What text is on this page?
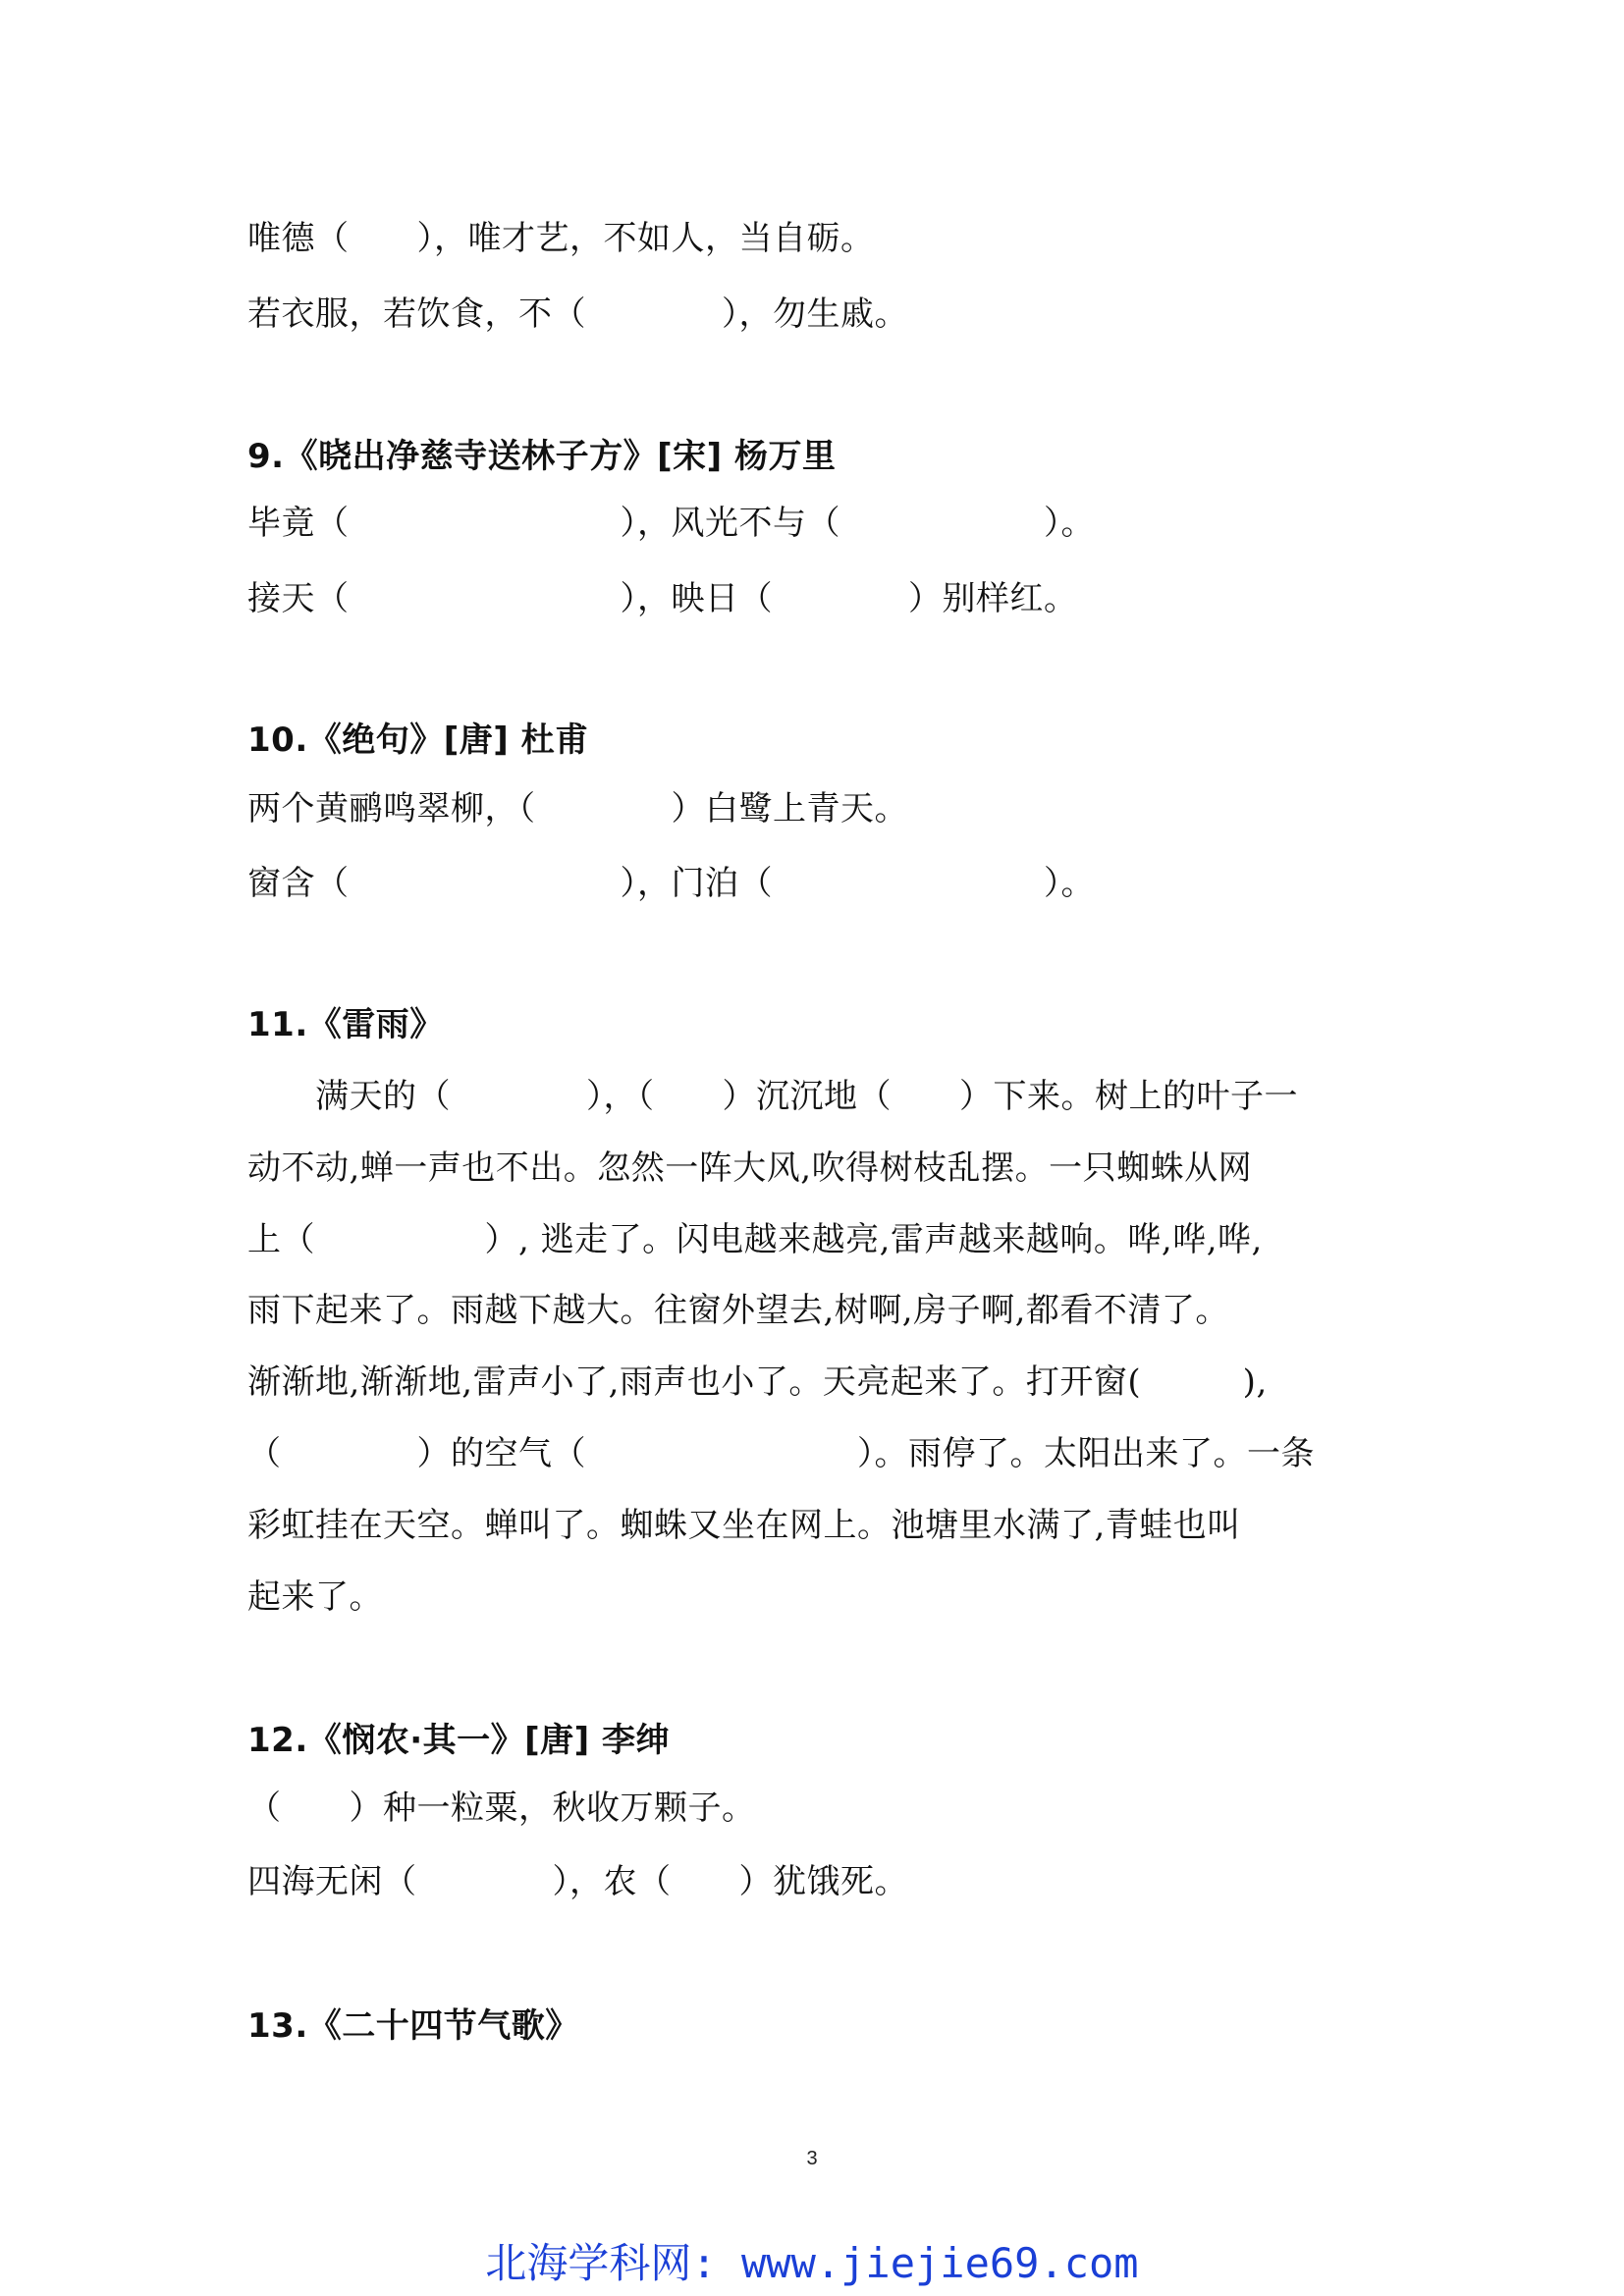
唯德（　　），唯才艺，不如人，当自砺。
若衣服，若饮食，不（　　　　），勿生戚。
9.《晓出净慈寺送林子方》[宋] 杨万里
毕竟（　　　　　　　　），风光不与（　　　　　　）。
接天（　　　　　　　　），映日（　　　　）别样红。
10.《绝句》[唐] 杜甫
两个黄鹂鸣翠柳，（　　　　）白鹭上青天。
窗含（　　　　　　　　），门泊（　　　　　　　　）。
11.《雷雨》
　　满天的（　　　　），（　　）沉沉地（　　）下来。树上的叶子一
动不动,蝉一声也不出。忽然一阵大风,吹得树枝乱摆。一只蜘蛛从网
上（　　　　　）, 逃走了。闪电越来越亮,雷声越来越响。哗,哗,哗,
雨下起来了。雨越下越大。往窗外望去,树啊,房子啊,都看不清了。
渐渐地,渐渐地,雷声小了,雨声也小了。天亮起来了。打开窗(　　　),
（　　　　）的空气（　　　　　　　　）。雨停了。太阳出来了。一条
彩虹挂在天空。蝉叫了。蜘蛛又坐在网上。池塘里水满了,青蛙也叫
起来了。
12.《悯农·其一》[唐] 李绅
（　　）种一粒粟，秋收万颗子。
四海无闲（　　　　），农（　　）犹饿死。
13.《二十四节气歌》
3
北海学科网: www.jiejie69.com
